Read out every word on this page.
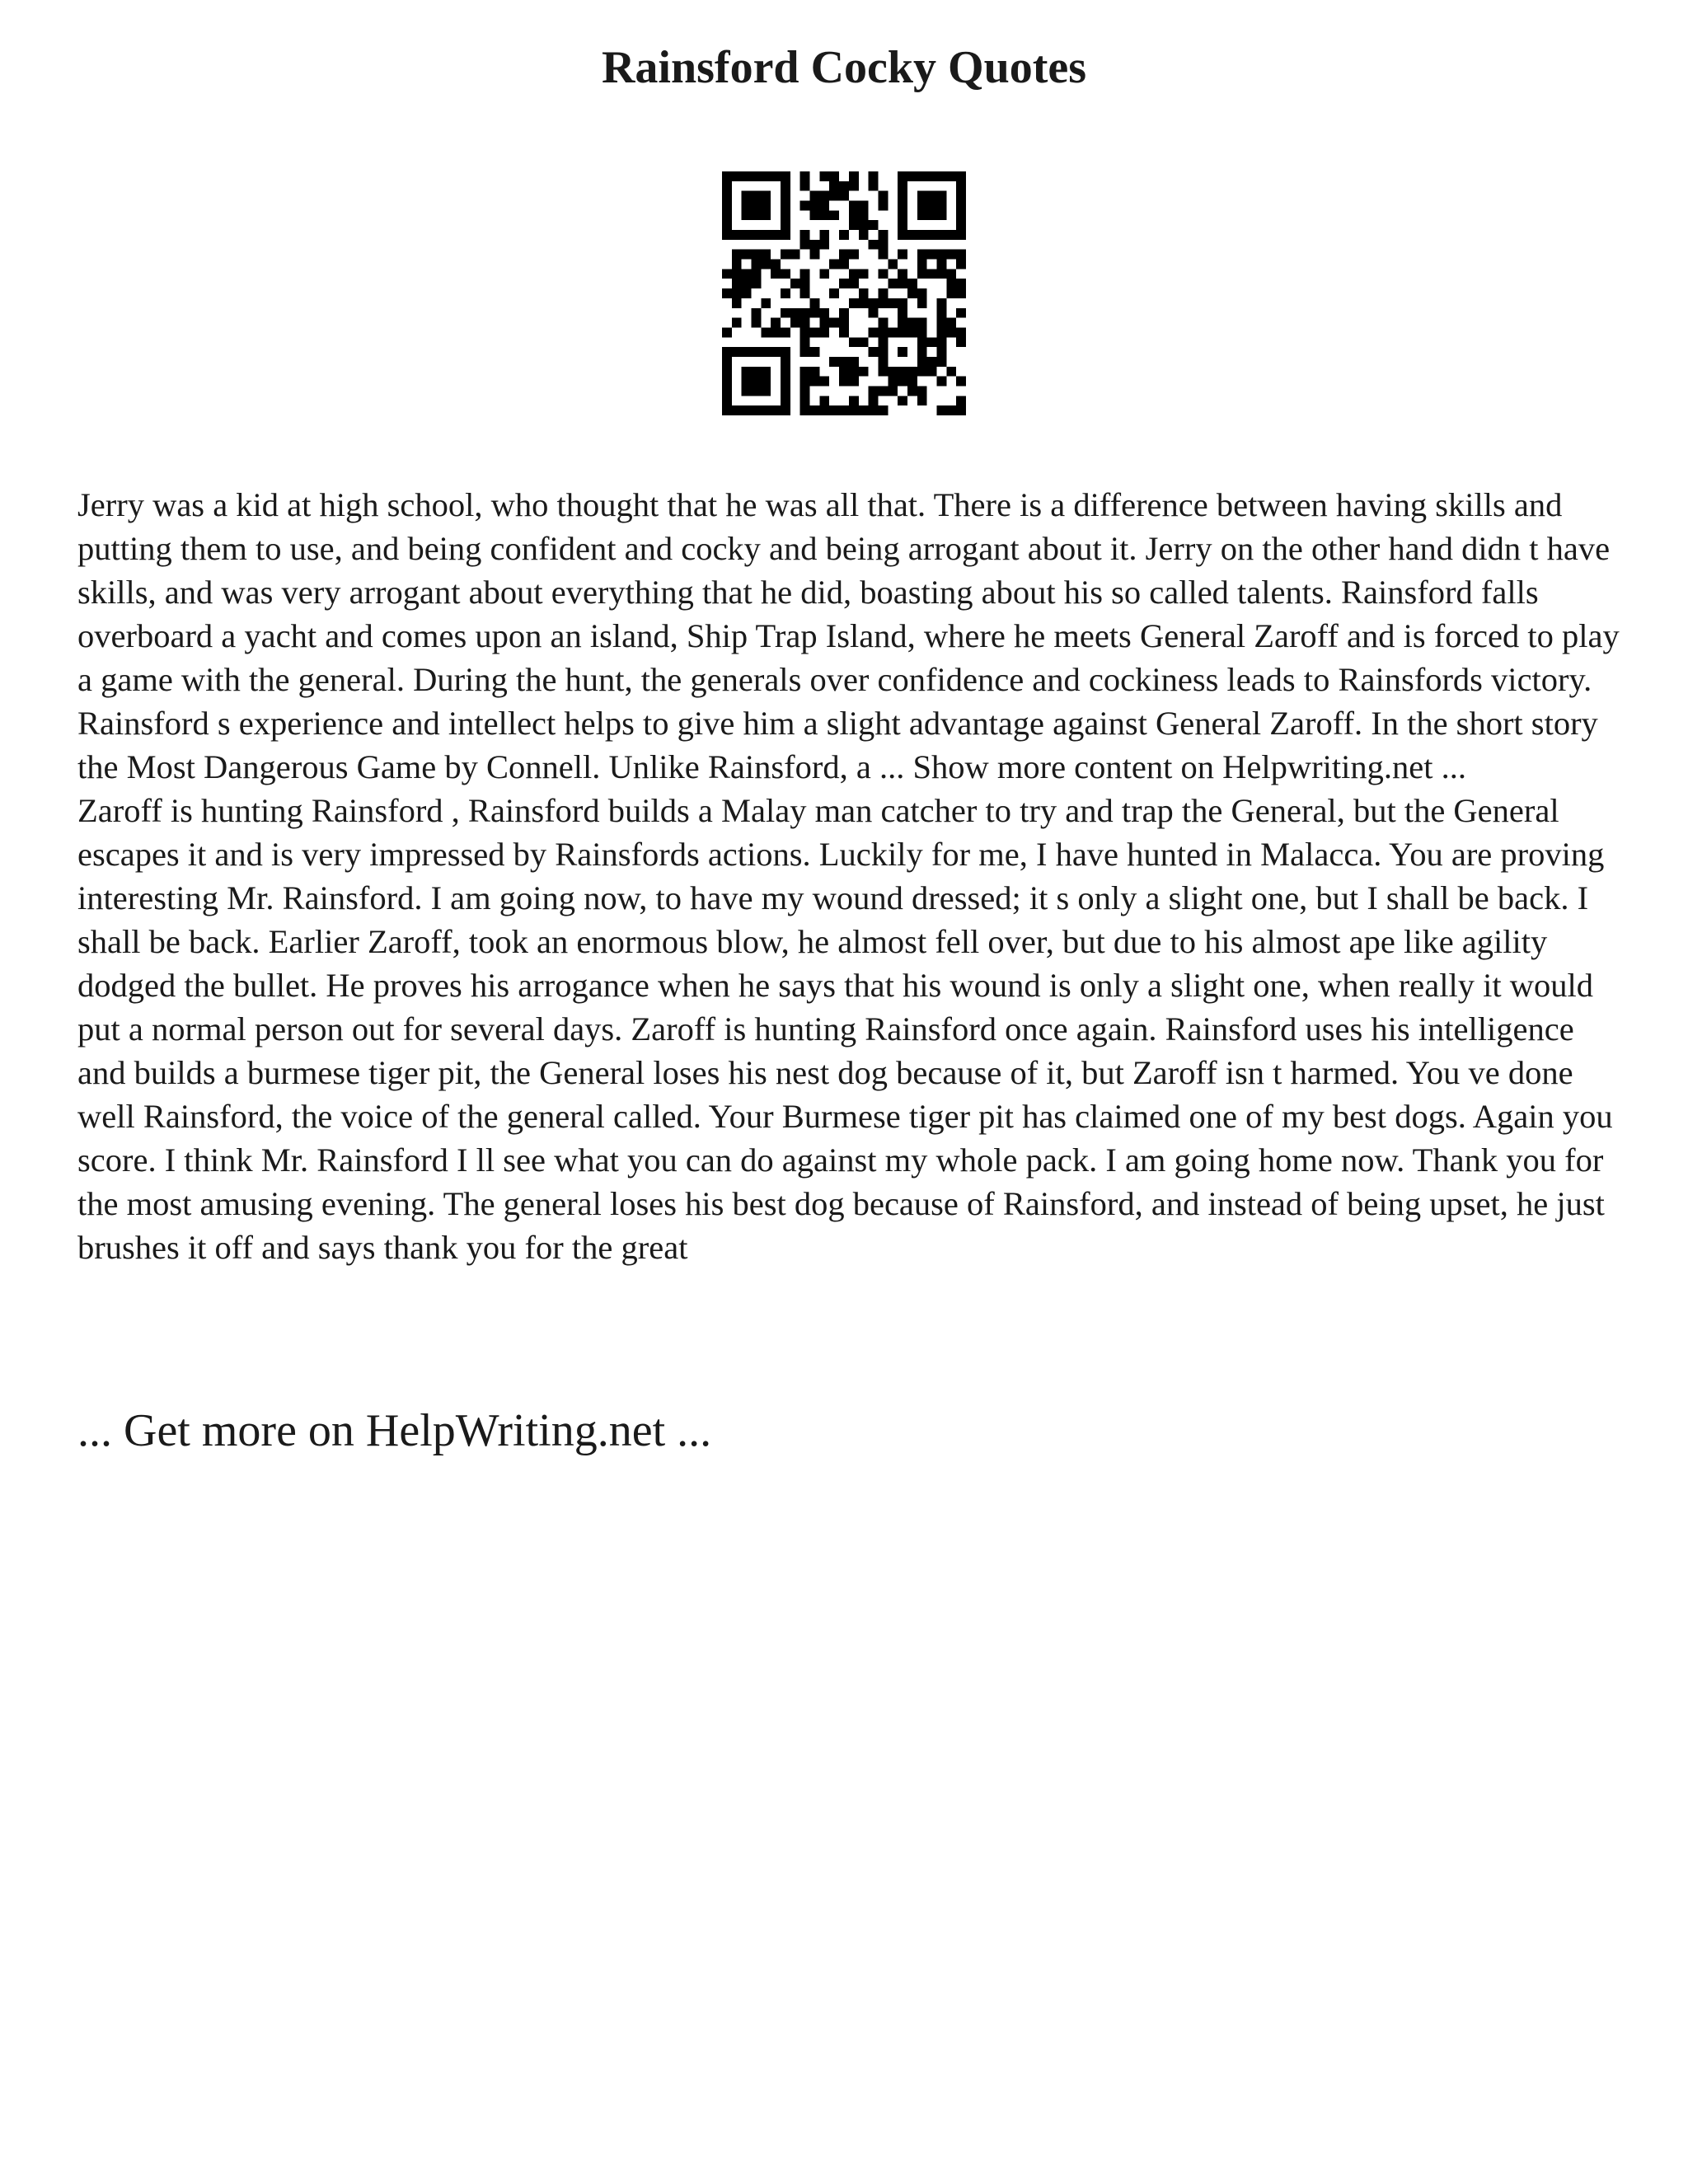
Rainsford Cocky Quotes

Jerry was a kid at high school, who thought that he was all that. There is a difference between having skills and putting them to use, and being confident and cocky and being arrogant about it. Jerry on the other hand didn t have skills, and was very arrogant about everything that he did, boasting about his so called talents. Rainsford falls overboard a yacht and comes upon an island, Ship Trap Island, where he meets General Zaroff and is forced to play a game with the general. During the hunt, the generals over confidence and cockiness leads to Rainsfords victory. Rainsford s experience and intellect helps to give him a slight advantage against General Zaroff. In the short story the Most Dangerous Game by Connell. Unlike Rainsford, a ... Show more content on Helpwriting.net ...

Zaroff is hunting Rainsford , Rainsford builds a Malay man catcher to try and trap the General, but the General escapes it and is very impressed by Rainsfords actions. Luckily for me, I have hunted in Malacca. You are proving interesting Mr. Rainsford. I am going now, to have my wound dressed; it s only a slight one, but I shall be back. I shall be back. Earlier Zaroff, took an enormous blow, he almost fell over, but due to his almost ape like agility dodged the bullet. He proves his arrogance when he says that his wound is only a slight one, when really it would put a normal person out for several days. Zaroff is hunting Rainsford once again. Rainsford uses his intelligence and builds a burmese tiger pit, the General loses his nest dog because of it, but Zaroff isn t harmed. You ve done well Rainsford, the voice of the general called. Your Burmese tiger pit has claimed one of my best dogs. Again you score. I think Mr. Rainsford I ll see what you can do against my whole pack. I am going home now. Thank you for the most amusing evening. The general loses his best dog because of Rainsford, and instead of being upset, he just brushes it off and says thank you for the great

... Get more on HelpWriting.net ...
